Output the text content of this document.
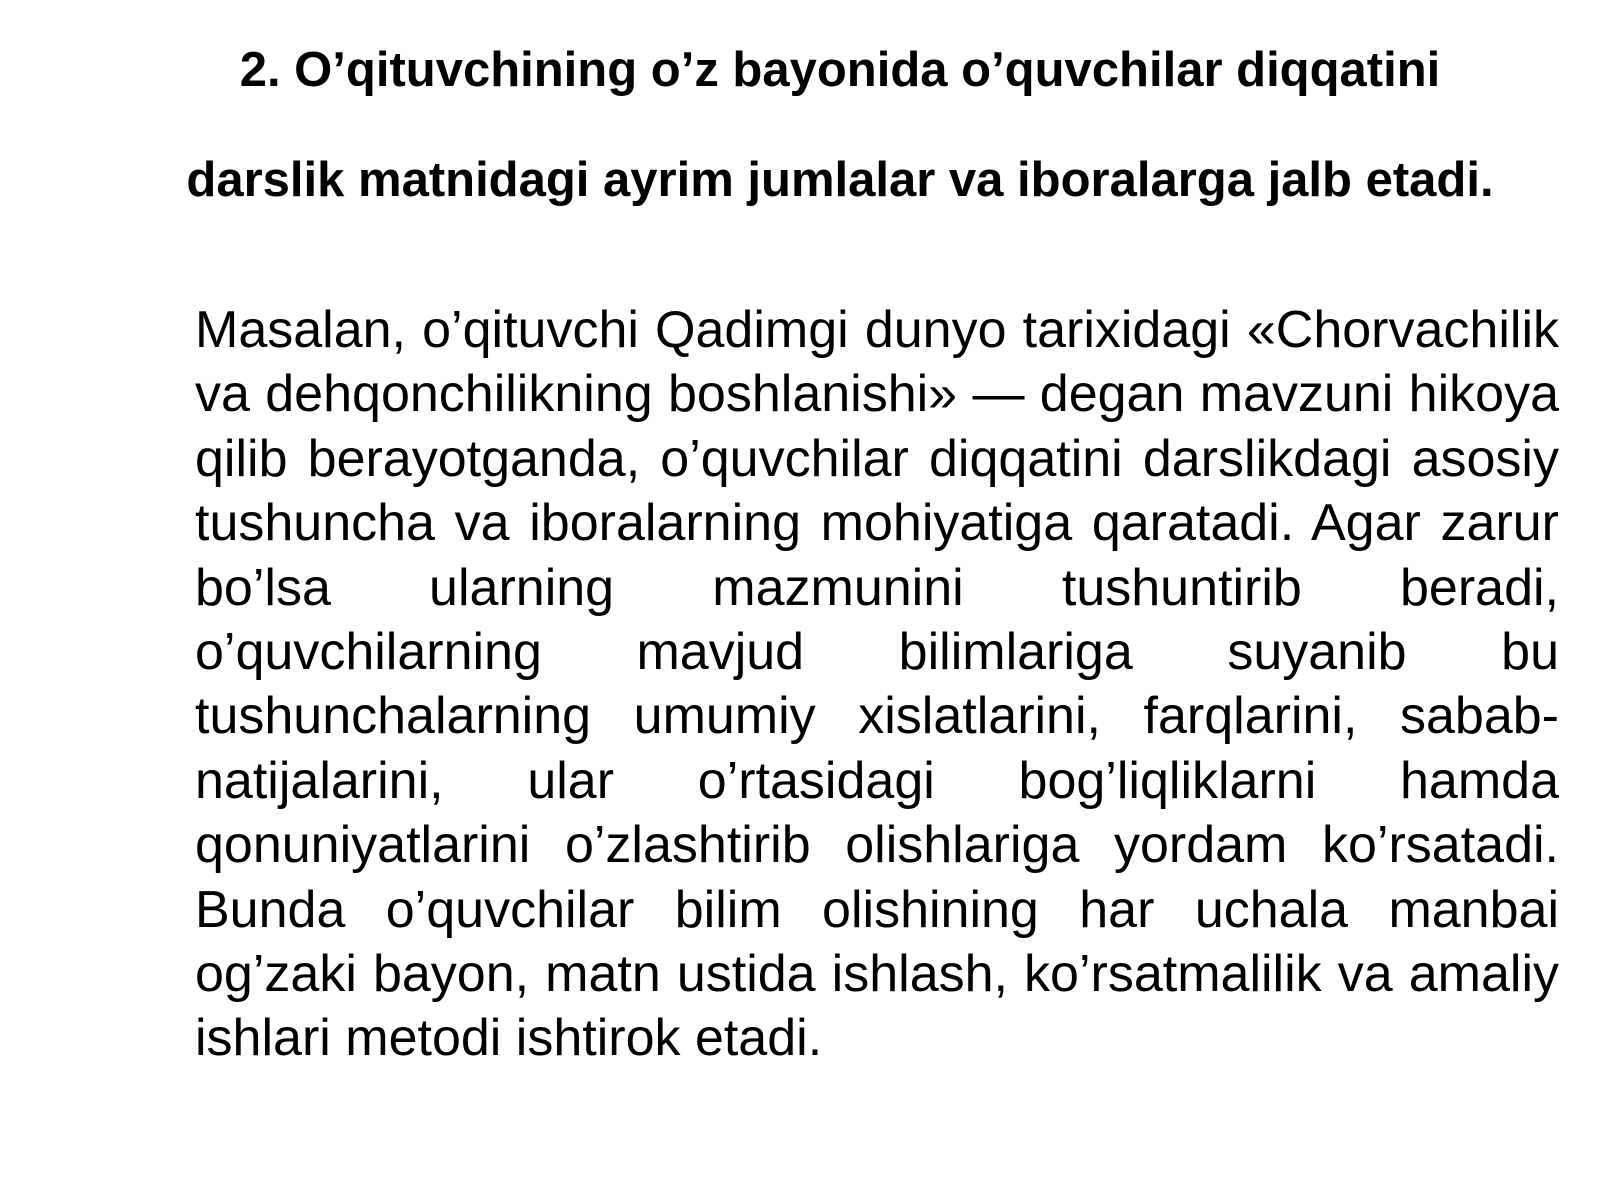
2. O’qituvchining o’z bayonida o’quvchilar diqqatini
darslik matnidagi ayrim jumlalar va iboralarga jalb etadi.

Masalan, o’qituvchi Qadimgi dunyo tarixidagi «Chorvachilik va dehqonchilikning boshlanishi» — degan mavzuni hikoya qilib berayotganda, o’quvchilar diqqatini darslikdagi asosiy tushuncha va iboralarning mohiyatiga qaratadi. Agar zarur bo’lsa ularning mazmunini tushuntirib beradi, o’quvchilarning mavjud bilimlariga suyanib bu tushunchalarning umumiy xislatlarini, farqlarini, sabab-natijalarini, ular o’rtasidagi bog’liqliklarni hamda qonuniyatlarini o’zlashtirib olishlariga yordam ko’rsatadi. Bunda o’quvchilar bilim olishining har uchala manbai og’zaki bayon, matn ustida ishlash, ko’rsatmalilik va amaliy ishlari metodi ishtirok etadi.
